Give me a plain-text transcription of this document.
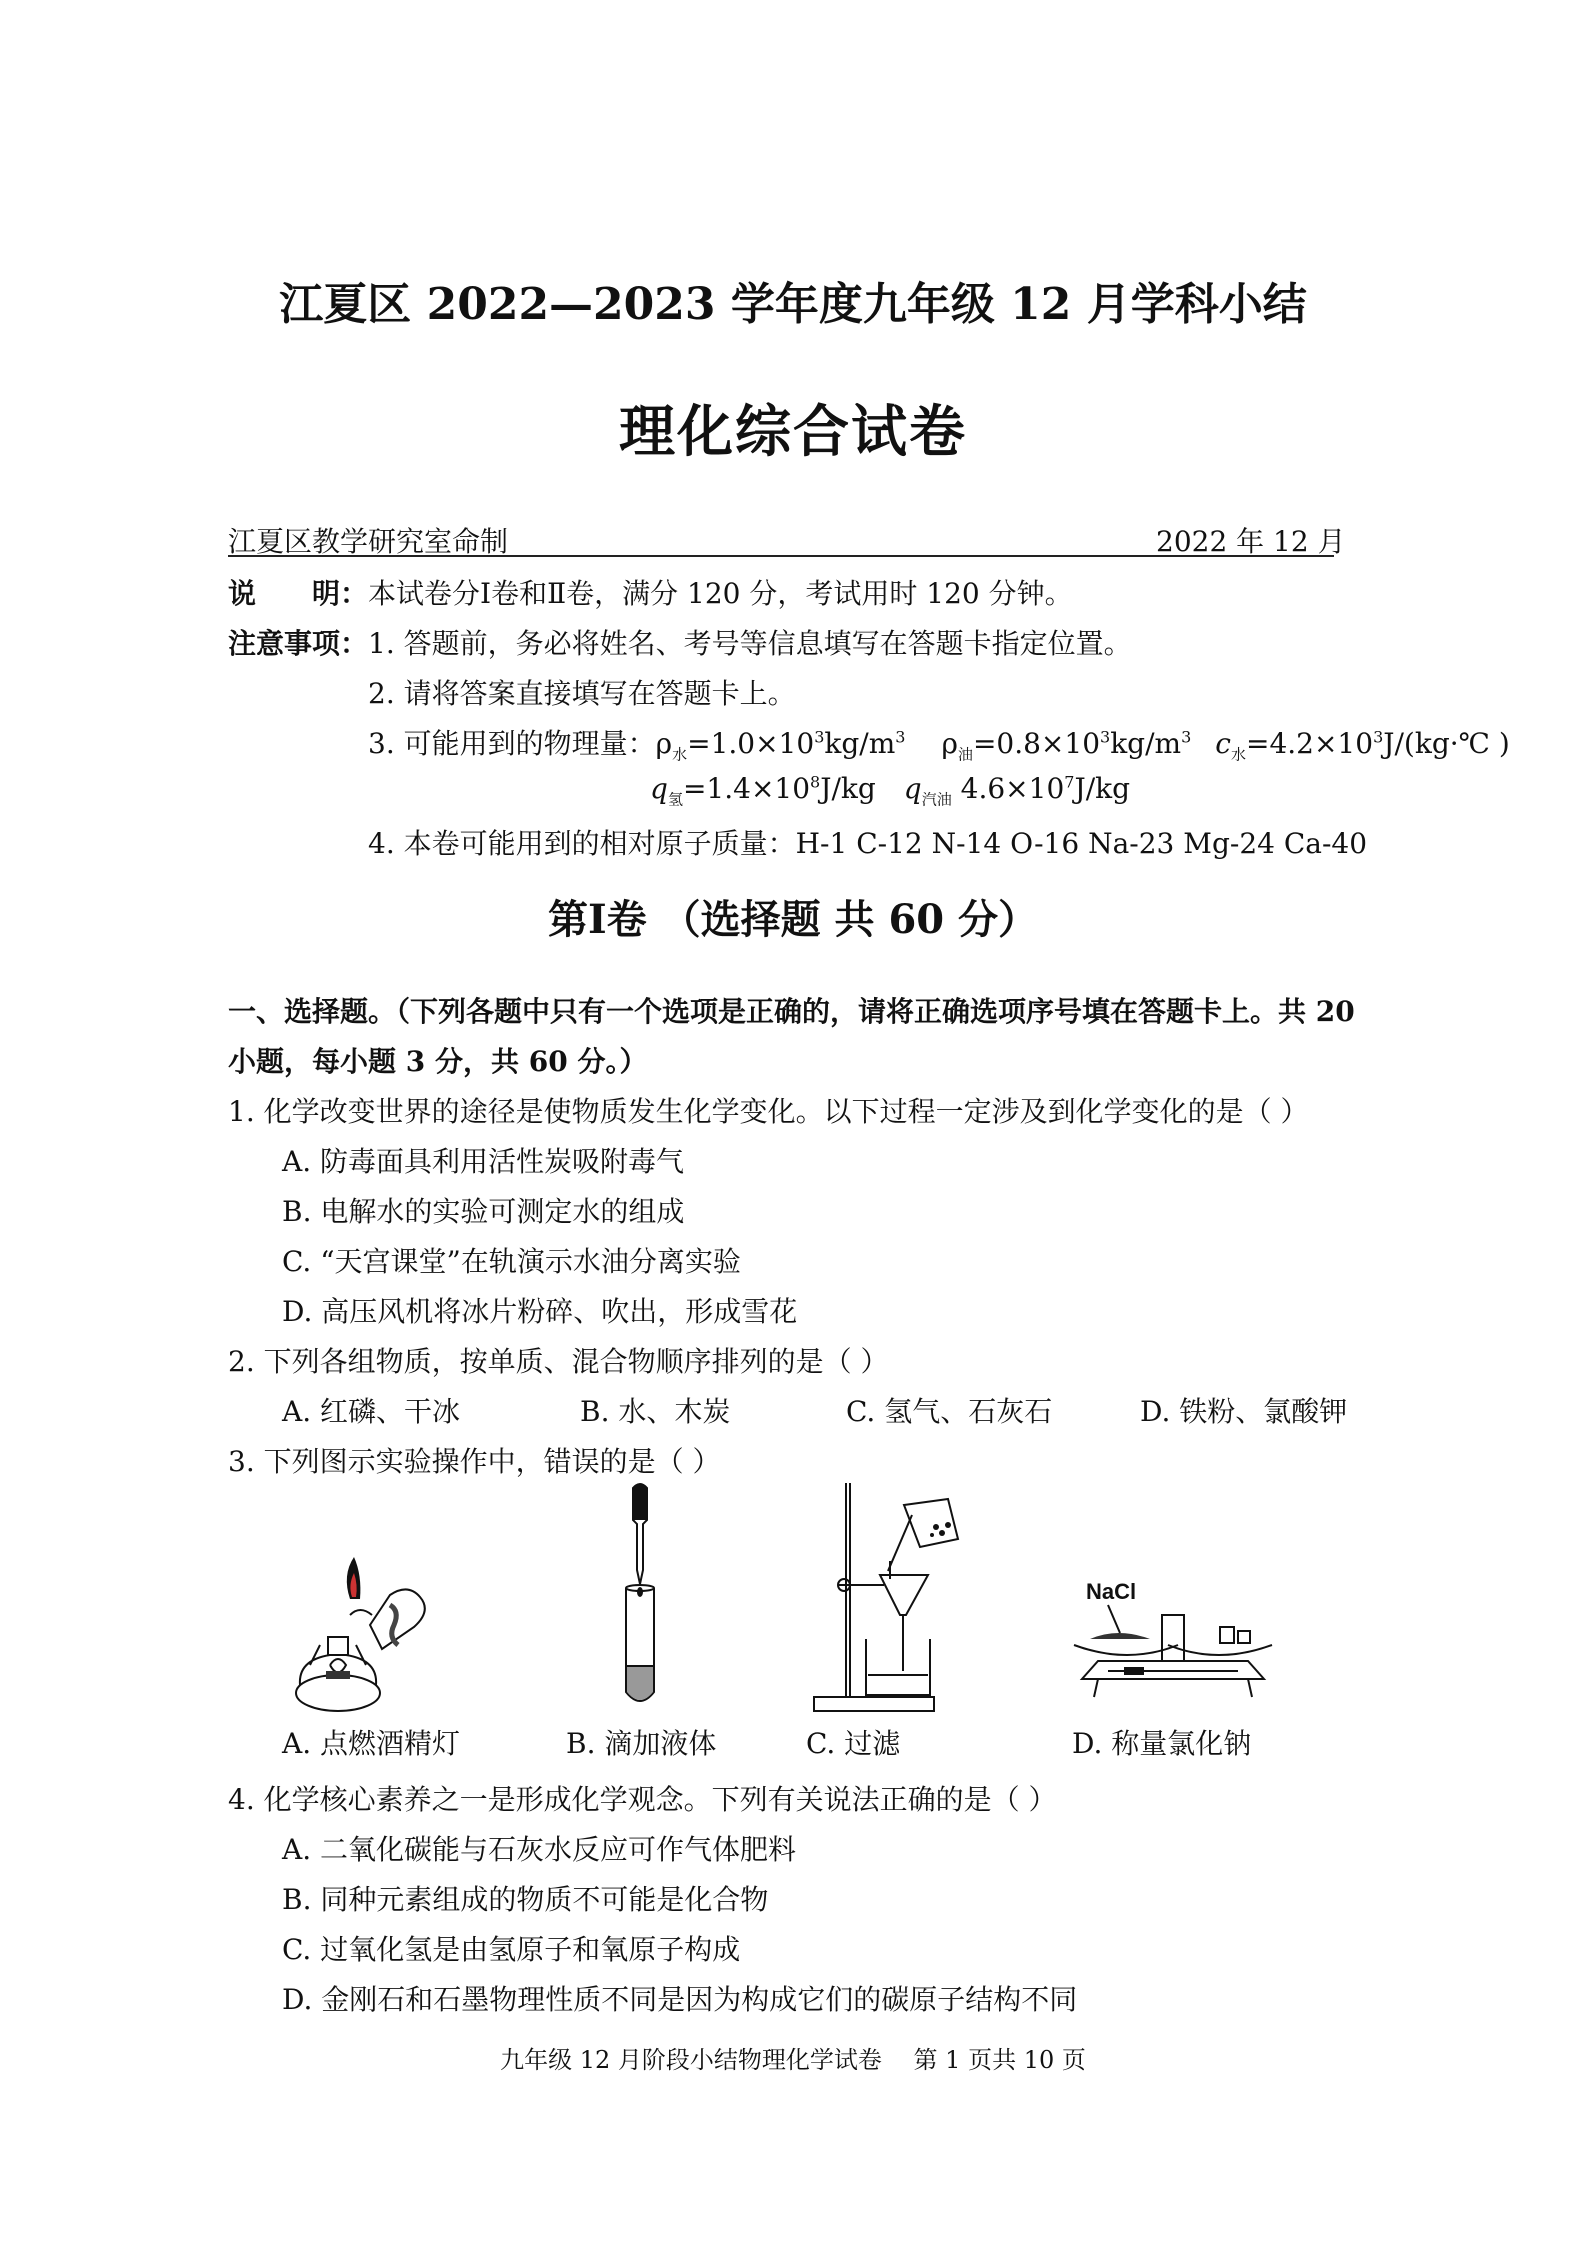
江夏区 2022—2023 学年度九年级 12 月学科小结
理化综合试卷
江夏区教学研究室命制	2022 年 12 月
说　　明：本试卷分Ⅰ卷和Ⅱ卷，满分 120 分，考试用时 120 分钟。
注意事项：1. 答题前，务必将姓名、考号等信息填写在答题卡指定位置。
2. 请将答案直接填写在答题卡上。
3. 可能用到的物理量：$\rho_水=1.0\times 10^3kg/m^3$ $\rho_油=0.8\times 10^3kg/m^3$ $c_水=4.2\times 10^3J/(kg\cdot℃$ )
$q_氢=1.4\times 10^8J/kg$ $q_{汽油}$ $4.6\times 10^7J/kg$
4. 本卷可能用到的相对原子质量：H-1 C-12 N-14 O-16 Na-23 Mg-24 Ca-40
第Ⅰ卷 （选择题 共 60 分）
一、选择题。（下列各题中只有一个选项是正确的，请将正确选项序号填在答题卡上。共 20
小题，每小题 3 分，共 60 分。）
1. 化学改变世界的途径是使物质发生化学变化。以下过程一定涉及到化学变化的是（ ）
A. 防毒面具利用活性炭吸附毒气
B. 电解水的实验可测定水的组成
C. “天宫课堂”在轨演示水油分离实验
D. 高压风机将冰片粉碎、吹出，形成雪花
2. 下列各组物质，按单质、混合物顺序排列的是（ ）
A. 红磷、干冰	B. 水、木炭	C. 氢气、石灰石	D. 铁粉、氯酸钾
3. 下列图示实验操作中，错误的是（ ）
NaCl
A. 点燃酒精灯	B. 滴加液体	C. 过滤	D. 称量氯化钠
4. 化学核心素养之一是形成化学观念。下列有关说法正确的是（ ）
A. 二氧化碳能与石灰水反应可作气体肥料
B. 同种元素组成的物质不可能是化合物
C. 过氧化氢是由氢原子和氧原子构成
D. 金刚石和石墨物理性质不同是因为构成它们的碳原子结构不同
九年级 12 月阶段小结物理化学试卷　 第 1 页共 10 页
